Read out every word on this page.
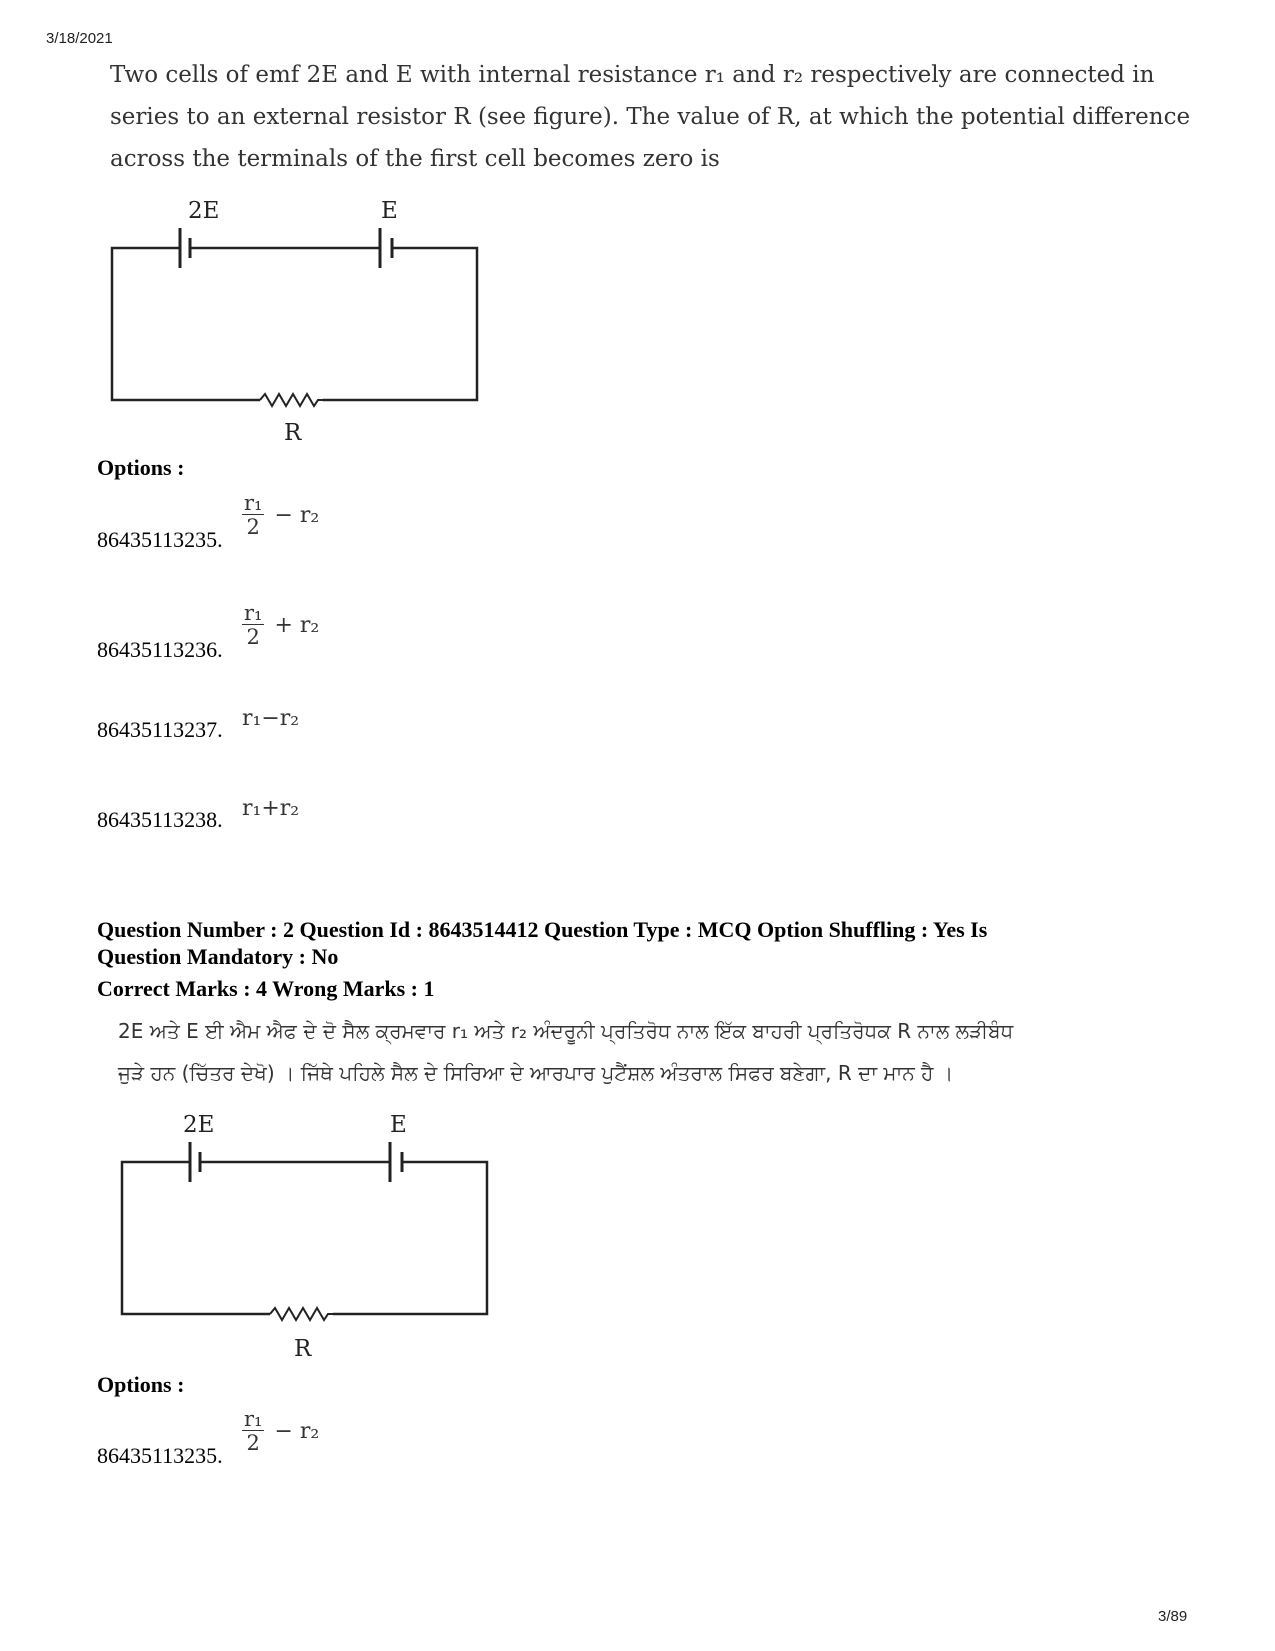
3/18/2021
3/89
Two cells of emf 2E and E with internal resistance r₁ and r₂ respectively are connected in
series to an external resistor R (see figure). The value of R, at which the potential difference
across the terminals of the first cell becomes zero is
2E	E
R
Options :
86435113235.
$\frac{\text{r₁}}{2} - r_2$
86435113236.
$\frac{\text{r₁}}{2} + r_2$
86435113237. r₁−r₂
86435113238. r₁+r₂
Question Number : 2 Question Id : 8643514412 Question Type : MCQ Option Shuffling : Yes Is
Question Mandatory : No
Correct Marks : 4 Wrong Marks : 1
2E ਅਤੇ E ਈ ਐਮ ਐਫ ਦੇ ਦੋ ਸੈਲ ਕ੍ਰਮਵਾਰ r₁ ਅਤੇ r₂ ਅੰਦਰੂਨੀ ਪ੍ਰਤਿਰੋਧ ਨਾਲ ਇੱਕ ਬਾਹਰੀ ਪ੍ਰਤਿਰੋਧਕ R ਨਾਲ ਲੜੀਬੰਧ
ਜੁੜੇ ਹਨ (ਚਿੱਤਰ ਦੇਖੋ) । ਜਿੱਥੇ ਪਹਿਲੇ ਸੈਲ ਦੇ ਸਿਰਿਆ ਦੇ ਆਰਪਾਰ ਪੁਟੈਂਸ਼ਲ ਅੰਤਰਾਲ ਸਿਫਰ ਬਣੇਗਾ, R ਦਾ ਮਾਨ ਹੈ ।
2E	E
R
Options :
86435113235.
$\frac{\text{r₁}}{2} - r_2$
